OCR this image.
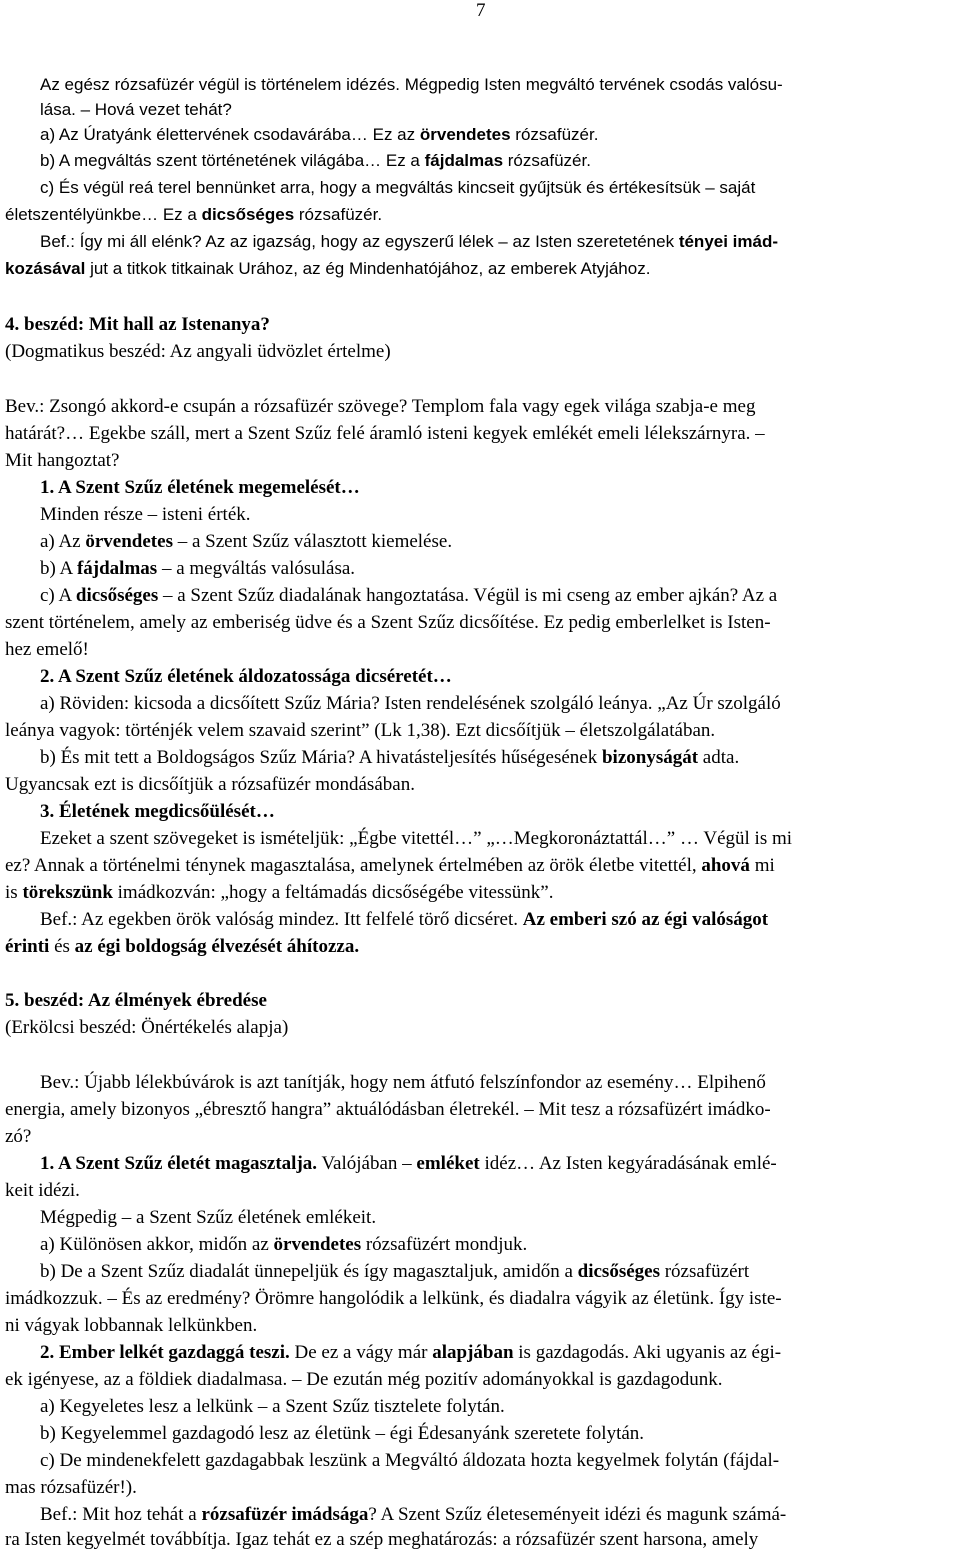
7
Az egész rózsafüzér végül is történelem idézés. Mégpedig Isten megváltó tervének csodás valósu-
lása. – Hová vezet tehát?
a) Az Úratyánk élettervének csodavárába… Ez az örvendetes rózsafüzér.
b) A megváltás szent történetének világába… Ez a fájdalmas rózsafüzér.
c) És végül reá terel bennünket arra, hogy a megváltás kincseit gyűjtsük és értékesítsük – saját
életszentélyünkbe… Ez a dicsőséges rózsafüzér.
Bef.: Így mi áll elénk? Az az igazság, hogy az egyszerű lélek – az Isten szeretetének tényei imád-
kozásával jut a titkok titkainak Urához, az ég Mindenhatójához, az emberek Atyjához.
4. beszéd: Mit hall az Istenanya?
(Dogmatikus beszéd: Az angyali üdvözlet értelme)
Bev.: Zsongó akkord-e csupán a rózsafüzér szövege? Templom fala vagy egek világa szabja-e meg
határát?… Egekbe száll, mert a Szent Szűz felé áramló isteni kegyek emlékét emeli lélekszárnyra. –
Mit hangoztat?
1. A Szent Szűz életének megemelését…
Minden része – isteni érték.
a) Az örvendetes – a Szent Szűz választott kiemelése.
b) A fájdalmas – a megváltás valósulása.
c) A dicsőséges – a Szent Szűz diadalának hangoztatása. Végül is mi cseng az ember ajkán? Az a
szent történelem, amely az emberiség üdve és a Szent Szűz dicsőítése. Ez pedig emberlelket is Isten-
hez emelő!
2. A Szent Szűz életének áldozatossága dicséretét…
a) Röviden: kicsoda a dicsőített Szűz Mária? Isten rendelésének szolgáló leánya. „Az Úr szolgáló
leánya vagyok: történjék velem szavaid szerint” (Lk 1,38). Ezt dicsőítjük – életszolgálatában.
b) És mit tett a Boldogságos Szűz Mária? A hivatásteljesítés hűségesének bizonyságát adta.
Ugyancsak ezt is dicsőítjük a rózsafüzér mondásában.
3. Életének megdicsőülését…
Ezeket a szent szövegeket is ismételjük: „Égbe vitettél…” „…Megkoronáztattál…” … Végül is mi
ez? Annak a történelmi ténynek magasztalása, amelynek értelmében az örök életbe vitettél, ahová mi
is törekszünk imádkozván: „hogy a feltámadás dicsőségébe vitessünk”.
Bef.: Az egekben örök valóság mindez. Itt felfelé törő dicséret. Az emberi szó az égi valóságot
érinti és az égi boldogság élvezését áhítozza.
5. beszéd: Az élmények ébredése
(Erkölcsi beszéd: Önértékelés alapja)
Bev.: Újabb lélekbúvárok is azt tanítják, hogy nem átfutó felszínfondor az esemény… Elpihenő
energia, amely bizonyos „ébresztő hangra” aktuálódásban életrekél. – Mit tesz a rózsafüzért imádko-
zó?
1. A Szent Szűz életét magasztalja. Valójában – emléket idéz… Az Isten kegyáradásának emlé-
keit idézi.
Mégpedig – a Szent Szűz életének emlékeit.
a) Különösen akkor, midőn az örvendetes rózsafüzért mondjuk.
b) De a Szent Szűz diadalát ünnepeljük és így magasztaljuk, amidőn a dicsőséges rózsafüzért
imádkozzuk. – És az eredmény? Örömre hangolódik a lelkünk, és diadalra vágyik az életünk. Így iste-
ni vágyak lobbannak lelkünkben.
2. Ember lelkét gazdaggá teszi. De ez a vágy már alapjában is gazdagodás. Aki ugyanis az égi-
ek igényese, az a földiek diadalmasa. – De ezután még pozitív adományokkal is gazdagodunk.
a) Kegyeletes lesz a lelkünk – a Szent Szűz tisztelete folytán.
b) Kegyelemmel gazdagodó lesz az életünk – égi Édesanyánk szeretete folytán.
c) De mindenekfelett gazdagabbak leszünk a Megváltó áldozata hozta kegyelmek folytán (fájdal-
mas rózsafüzér!).
Bef.: Mit hoz tehát a rózsafüzér imádsága? A Szent Szűz életeseményeit idézi és magunk számá-
ra Isten kegyelmét továbbítja. Igaz tehát ez a szép meghatározás: a rózsafüzér szent harsona, amely
